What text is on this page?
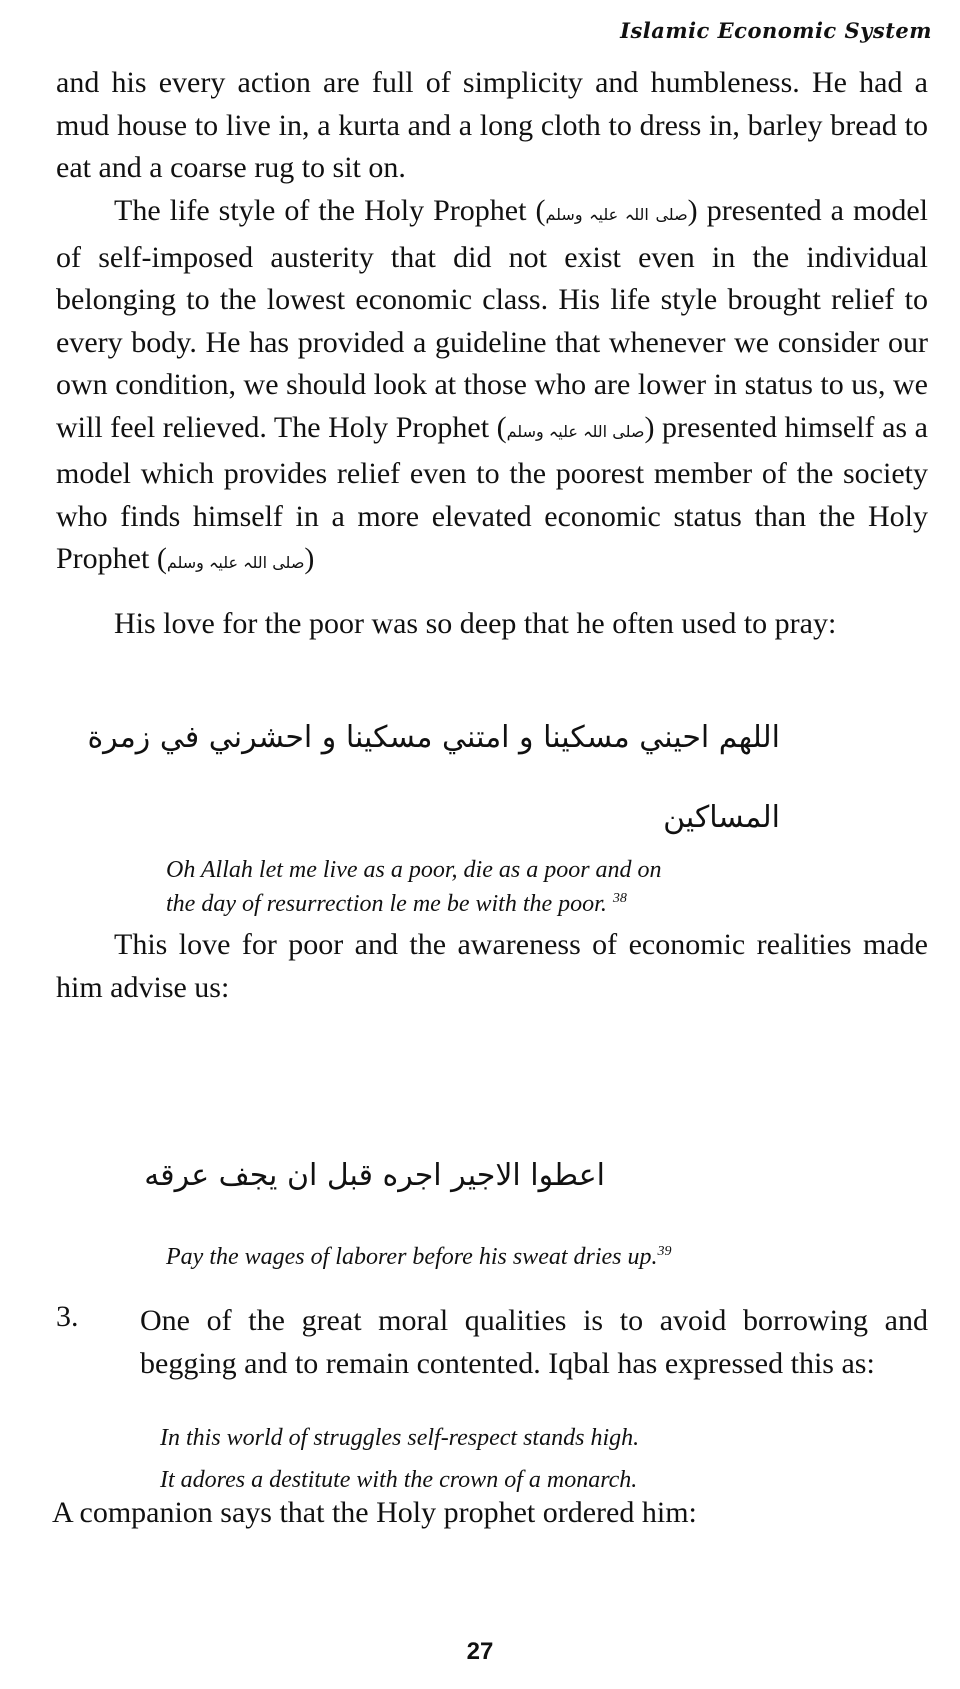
Islamic Economic System

and his every action are full of simplicity and humbleness. He had a mud house to live in, a kurta and a long cloth to dress in, barley bread to eat and a coarse rug to sit on.

The life style of the Holy Prophet (صلی اللہ علیہ وسلم) presented a model of self-imposed austerity that did not exist even in the individual belonging to the lowest economic class. His life style brought relief to every body. He has provided a guideline that whenever we consider our own condition, we should look at those who are lower in status to us, we will feel relieved. The Holy Prophet (صلی اللہ علیہ وسلم) presented himself as a model which provides relief even to the poorest member of the society who finds himself in a more elevated economic status than the Holy Prophet (صلی اللہ علیہ وسلم)

His love for the poor was so deep that he often used to pray:

اللهم احيني مسكينا و امتني مسكينا و احشرني في زمرة
المساكين

Oh Allah let me live as a poor, die as a poor and on
the day of resurrection le me be with the poor. $^{38}$

This love for poor and the awareness of economic realities made him advise us:

اعطوا الاجير اجره قبل ان يجف عرقه

Pay the wages of laborer before his sweat dries up.$^{39}$

3. One of the great moral qualities is to avoid borrowing and begging and to remain contented. Iqbal has expressed this as:

In this world of struggles self-respect stands high.
It adores a destitute with the crown of a monarch.
A companion says that the Holy prophet ordered him:
27
